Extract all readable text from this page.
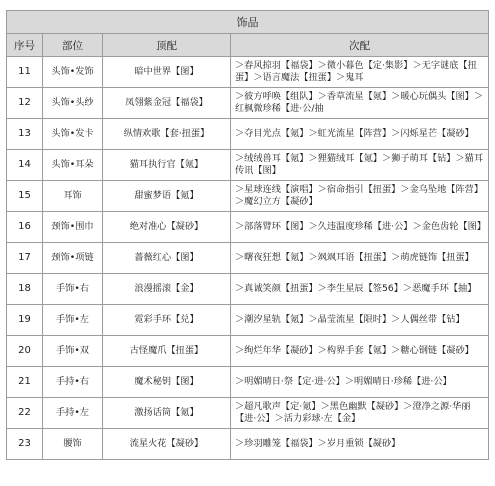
饰品			
序号	部位	顶配	次配
11	头饰•发饰	暗中世界【图】	＞春风掠羽【福袋】＞微小暮色【定·集影】＞无字谜底【扭蛋】＞语言魔法【扭蛋】＞鬼耳
12	头饰•头纱	凤翎紫金冠【福袋】	＞彼方呼唤【组队】＞香草流星【氪】＞暖心玩偶头【图】＞红枫微珍稀【进·公/抽
13	头饰•发卡	纵情欢歌【套·扭蛋】	＞夺目光点【氪】＞虹光流星【阵营】＞闪烁星芒【凝砂】
14	头饰•耳朵	猫耳执行官【氪】	＞绒绒兽耳【氪】＞狸猫绒耳【氪】＞狮子萌耳【钻】＞猫耳传讯【图】
15	耳饰	甜蜜梦语【氪】	＞星球连线【演唱】＞宿命指引【扭蛋】＞金乌坠地【阵营】＞魔幻立方【凝砂】
16	颈饰•围巾	绝对准心【凝砂】	＞部落臂环【图】＞久违温度珍稀【进·公】＞金色齿轮【图】
17	颈饰•项链	蔷薇红心【图】	＞曙夜狂想【氪】＞飒飒耳语【扭蛋】＞萌虎链饰【扭蛋】
18	手饰•右	浪漫摇滚【金】	＞真诚笑颜【扭蛋】＞李生星辰【签56】＞恶魔手环【抽】
19	手饰•左	霓彩手环【兑】	＞潮汐星轨【氪】＞晶莹流星【限时】＞人偶丝带【钻】
20	手饰•双	古怪魔爪【扭蛋】	＞绚烂年华【凝砂】＞构界手套【氪】＞糖心钢链【凝砂】
21	手持•右	魔术秘钥【图】	＞明媚晴日·祭【定·进·公】＞明媚晴日·珍稀【进·公】
22	手持•左	激扬话筒【氪】	＞超凡歌声【定·氪】＞黑色幽默【凝砂】＞澄净之源·华丽【进·公】＞活力彩球·左【金】
23	腰饰	流星火花【凝砂】	＞珍羽雕笼【福袋】＞岁月重锁【凝砂】
